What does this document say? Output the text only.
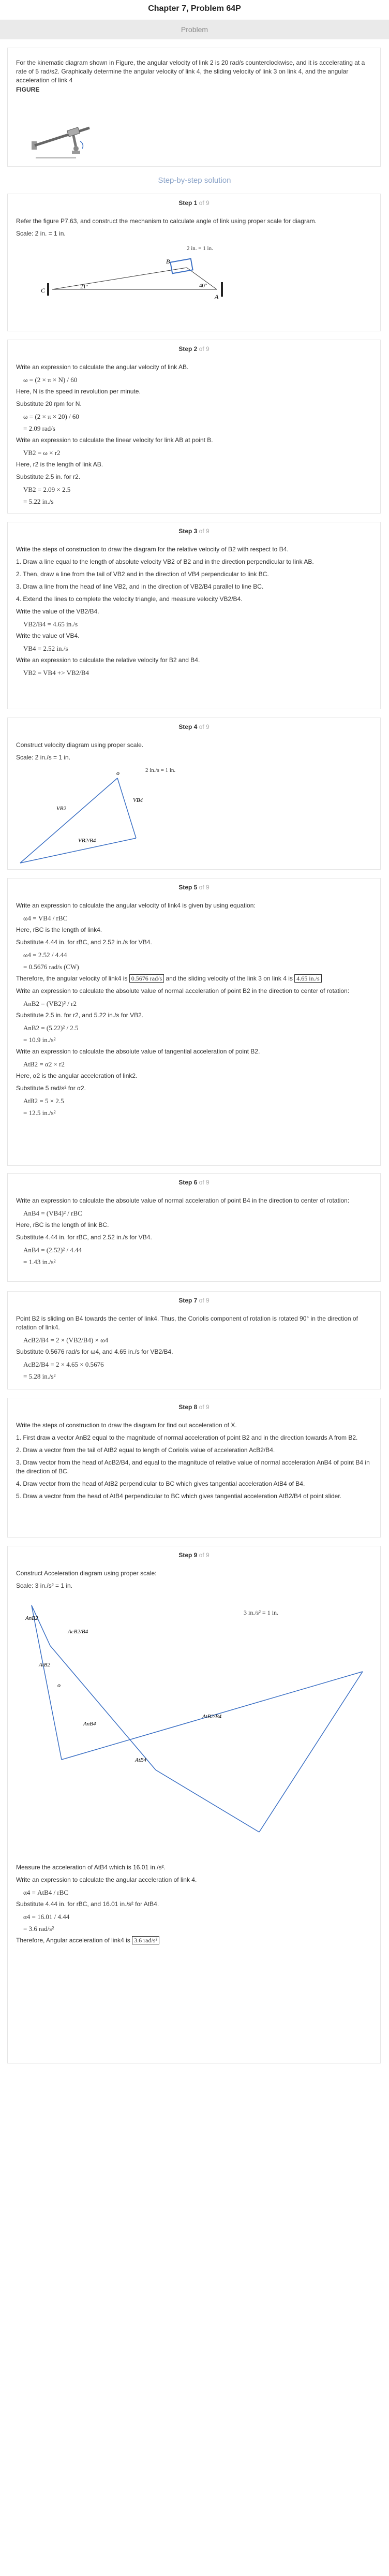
Chapter 7, Problem 64P
Problem

For the kinematic diagram shown in Figure, the angular velocity of link 2 is 20 rad/s counterclockwise, and it is accelerating at a rate of 5 rad/s2. Graphically determine the angular velocity of link 4, the sliding velocity of link 3 on link 4, and the angular acceleration of link 4

FIGURE
Step-by-step solution
Step 1 of 9

Refer the figure P7.63, and construct the mechanism to calculate angle of link using proper scale for diagram.

Scale: 2 in. = 1 in.

2 in. = 1 in.
B
C
A
21°	40°
Step 2 of 9

Write an expression to calculate the angular velocity of link AB.

ω = (2 × π × N) / 60

Here, N is the speed in revolution per minute.

Substitute 20 rpm for N.

ω = (2 × π × 20) / 60
= 2.09 rad/s

Write an expression to calculate the linear velocity for link AB at point B.

VB2 = ω × r2

Here, r2 is the length of link AB.

Substitute 2.5 in. for r2.

VB2 = 2.09 × 2.5
= 5.22 in./s
Step 3 of 9

Write the steps of construction to draw the diagram for the relative velocity of B2 with respect to B4.

1. Draw a line equal to the length of absolute velocity VB2 of B2 and in the direction perpendicular to link AB.

2. Then, draw a line from the tail of VB2 and in the direction of VB4 perpendicular to link BC.

3. Draw a line from the head of line VB2, and in the direction of VB2/B4 parallel to line BC.

4. Extend the lines to complete the velocity triangle, and measure velocity VB2/B4.

Write the value of the VB2/B4.

VB2/B4 = 4.65 in./s

Write the value of VB4.

VB4 = 2.52 in./s

Write an expression to calculate the relative velocity for B2 and B4.

VB2 = VB4 +> VB2/B4
Step 4 of 9

Construct velocity diagram using proper scale.

Scale: 2 in./s = 1 in.

2 in./s = 1 in.
o
VB2
VB4
VB2/B4
Step 5 of 9

Write an expression to calculate the angular velocity of link4 is given by using equation:

ω4 = VB4 / rBC

Here, rBC is the length of link4.

Substitute 4.44 in. for rBC, and 2.52 in./s for VB4.

ω4 = 2.52 / 4.44
= 0.5676 rad/s (CW)

Therefore, the angular velocity of link4 is 0.5676 rad/s and the sliding velocity of the link 3 on link 4 is 4.65 in./s

Write an expression to calculate the absolute value of normal acceleration of point B2 in the direction to center of rotation:

AnB2 = (VB2)² / r2

Substitute 2.5 in. for r2, and 5.22 in./s for VB2.

AnB2 = (5.22)² / 2.5
= 10.9 in./s²

Write an expression to calculate the absolute value of tangential acceleration of point B2.

AtB2 = α2 × r2

Here, α2 is the angular acceleration of link2.

Substitute 5 rad/s² for α2.

AtB2 = 5 × 2.5
= 12.5 in./s²
Step 6 of 9

Write an expression to calculate the absolute value of normal acceleration of point B4 in the direction to center of rotation:

AnB4 = (VB4)² / rBC

Here, rBC is the length of link BC.

Substitute 4.44 in. for rBC, and 2.52 in./s for VB4.

AnB4 = (2.52)² / 4.44
= 1.43 in./s²
Step 7 of 9

Point B2 is sliding on B4 towards the center of link4. Thus, the Coriolis component of rotation is rotated 90° in the direction of rotation of link4.

AcB2/B4 = 2 × (VB2/B4) × ω4

Substitute 0.5676 rad/s for ω4, and 4.65 in./s for VB2/B4.

AcB2/B4 = 2 × 4.65 × 0.5676
= 5.28 in./s²
Step 8 of 9

Write the steps of construction to draw the diagram for find out acceleration of X.

1. First draw a vector AnB2 equal to the magnitude of normal acceleration of point B2 and in the direction towards A from B2.

2. Draw a vector from the tail of AtB2 equal to length of Coriolis value of acceleration AcB2/B4.

3. Draw vector from the head of AcB2/B4, and equal to the magnitude of relative value of normal acceleration AnB4 of point B4 in the direction of BC.

4. Draw vector from the head of AtB2 perpendicular to BC which gives tangential acceleration AtB4 of B4.

5. Draw a vector from the head of AtB4 perpendicular to BC which gives tangential acceleration AtB2/B4 of point slider.

Step 9 of 9

Construct Acceleration diagram using proper scale:

Scale: 3 in./s² = 1 in.

3 in./s² = 1 in.
AnB2
AtB2
AcB2/B4
o
AnB4
AtB2/B4
AtB4

Measure the acceleration of AtB4 which is 16.01 in./s².

Write an expression to calculate the angular acceleration of link 4.

α4 = AtB4 / rBC

Substitute 4.44 in. for rBC, and 16.01 in./s² for AtB4.

α4 = 16.01 / 4.44
= 3.6 rad/s²

Therefore, Angular acceleration of link4 is 3.6 rad/s²
